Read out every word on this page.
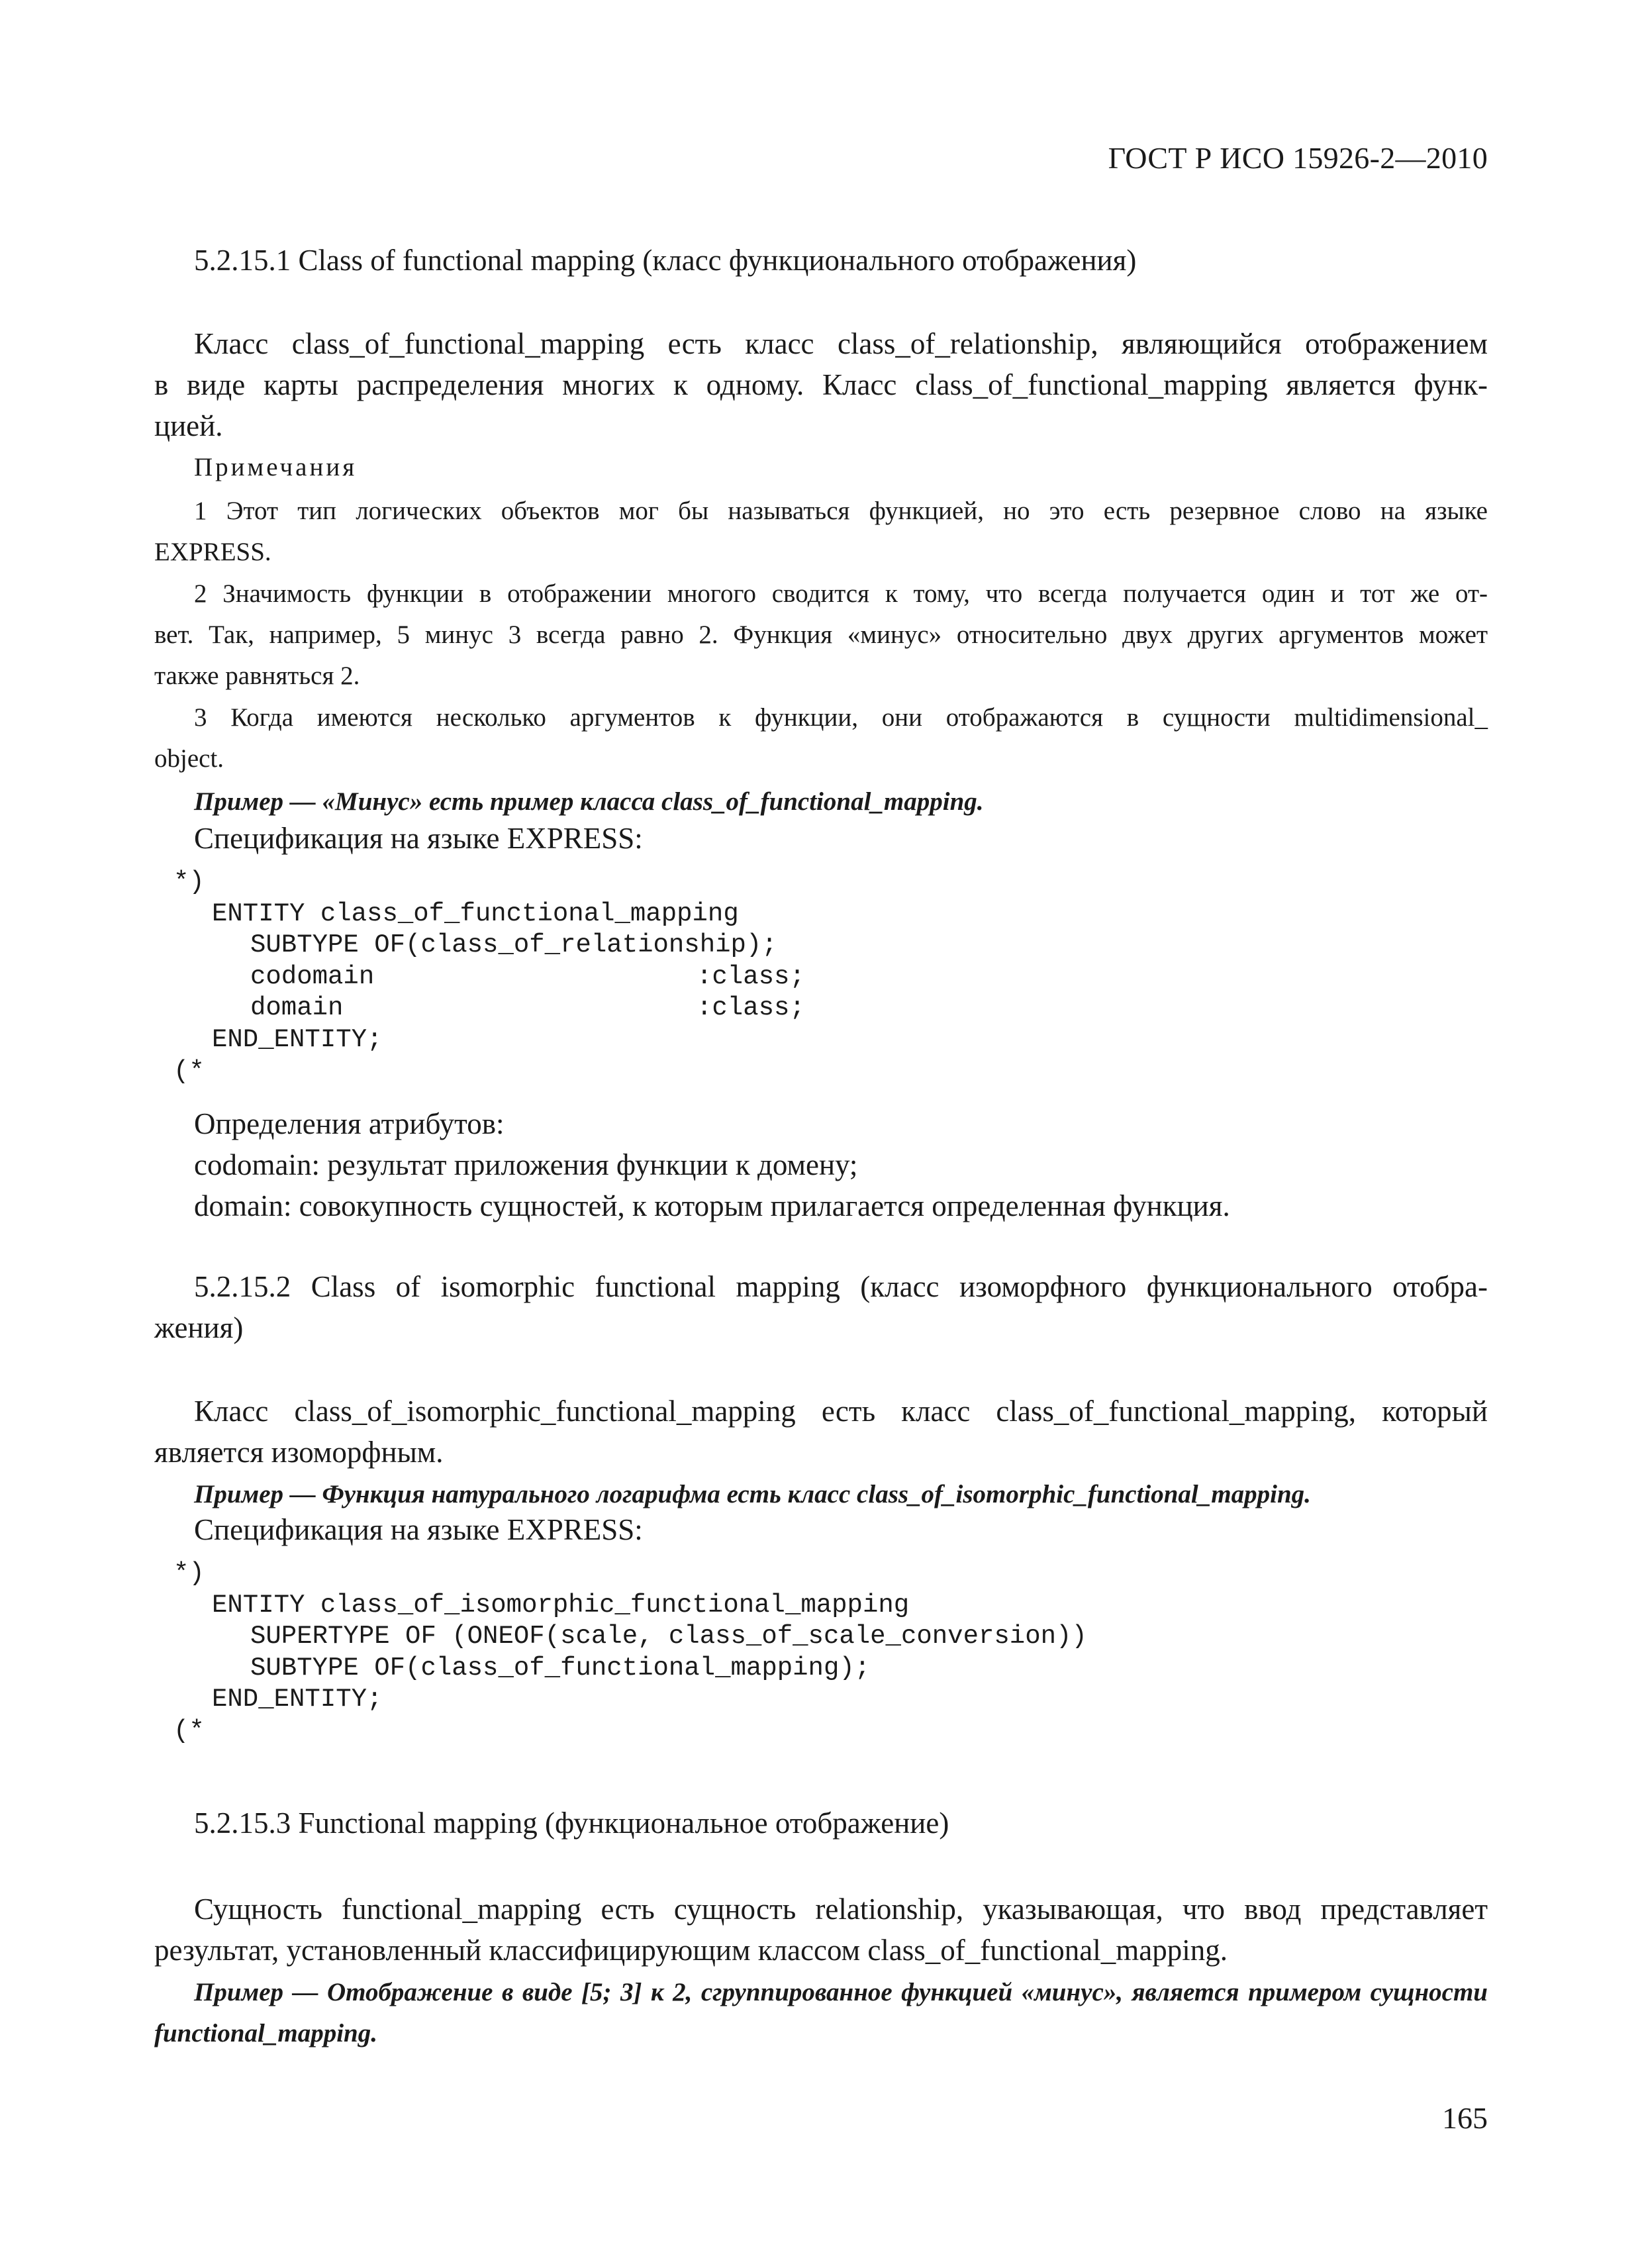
ГОСТ Р ИСО 15926-2—2010
5.2.15.1 Class of functional mapping (класс функционального отображения)
Класс class_of_functional_mapping есть класс class_of_relationship, являющийся отображением
в виде карты распределения многих к одному. Класс class_of_functional_mapping является функ-
цией.
Примечания
1 Этот тип логических объектов мог бы называться функцией, но это есть резервное слово на языке
EXPRESS.
2 Значимость функции в отображении многого сводится к тому, что всегда получается один и тот же от-
вет. Так, например, 5 минус 3 всегда равно 2. Функция «минус» относительно двух других аргументов может
также равняться 2.
3 Когда имеются несколько аргументов к функции, они отображаются в сущности multidimensional_
object.
Пример — «Минус» есть пример класса class_of_functional_mapping.
Спецификация на языке EXPRESS:

*)

ENTITY class_of_functional_mapping

SUBTYPE OF(class_of_relationship);

codomain

	:class;

domain

	:class;

END_ENTITY;

(*

Определения атрибутов:
codomain: результат приложения функции к домену;
domain: совокупность сущностей, к которым прилагается определенная функция.
5.2.15.2 Class of isomorphic functional mapping (класс изоморфного функционального отобра-
жения)
Класс class_of_isomorphic_functional_mapping есть класс class_of_functional_mapping, который
является изоморфным.
Пример — Функция натурального логарифма есть класс class_of_isomorphic_functional_mapping.
Спецификация на языке EXPRESS:

*)

ENTITY class_of_isomorphic_functional_mapping

SUPERTYPE OF (ONEOF(scale, class_of_scale_conversion))

SUBTYPE OF(class_of_functional_mapping);

END_ENTITY;

(*

5.2.15.3 Functional mapping (функциональное отображение)
Сущность functional_mapping есть сущность relationship, указывающая, что ввод представляет
результат, установленный классифицирующим классом class_of_functional_mapping.
Пример — Отображение в виде [5; 3] к 2, сгруппированное функцией «минус», является примером сущности
functional_mapping.
165
